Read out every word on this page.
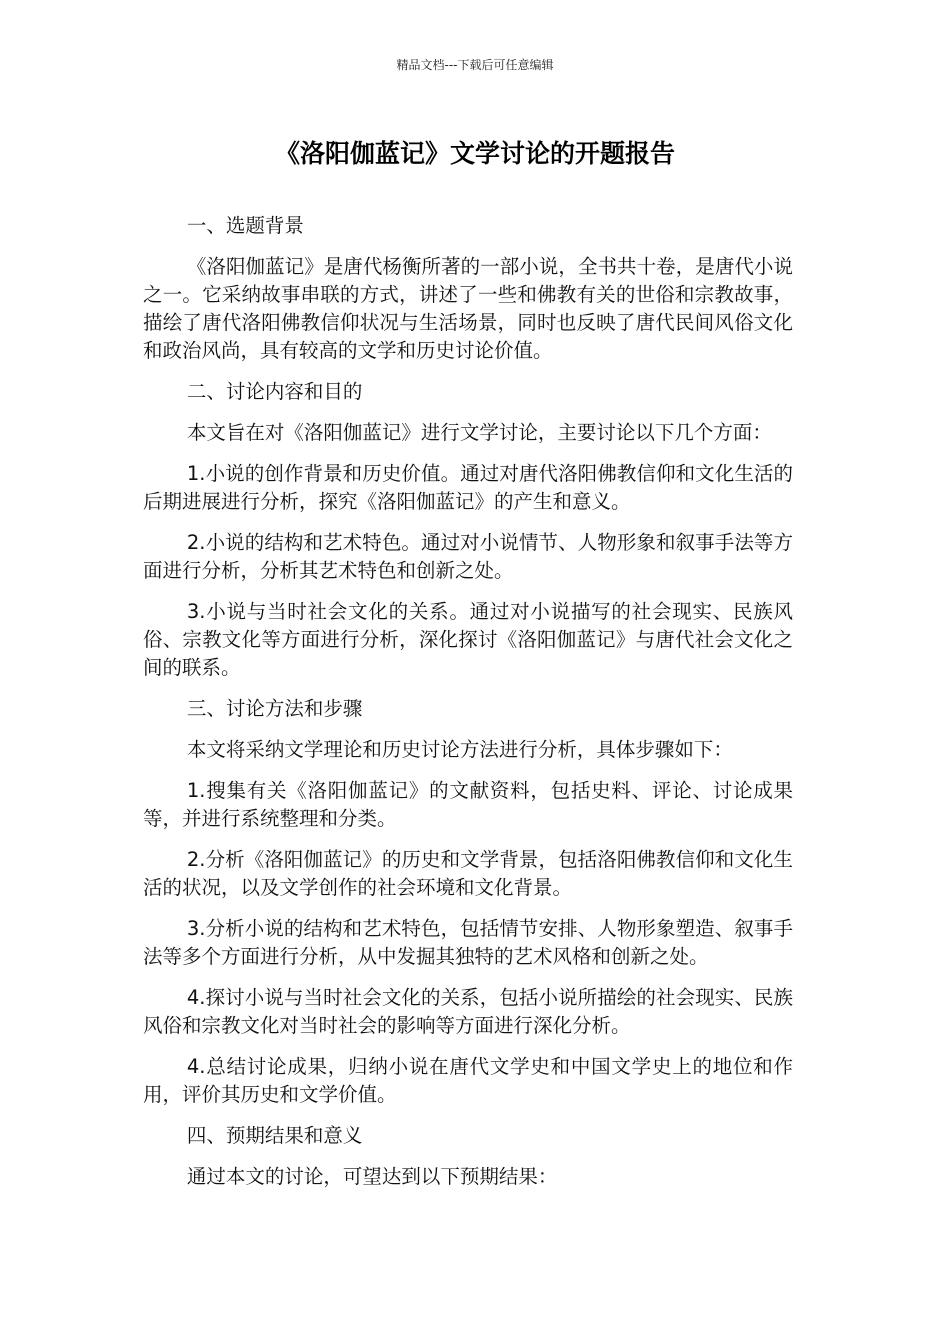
精品文档---下载后可任意编辑
《洛阳伽蓝记》文学讨论的开题报告

一、选题背景

《洛阳伽蓝记》是唐代杨衡所著的一部小说，全书共十卷，是唐代小说之一。它采纳故事串联的方式，讲述了一些和佛教有关的世俗和宗教故事，描绘了唐代洛阳佛教信仰状况与生活场景，同时也反映了唐代民间风俗文化和政治风尚，具有较高的文学和历史讨论价值。

二、讨论内容和目的

本文旨在对《洛阳伽蓝记》进行文学讨论，主要讨论以下几个方面：

1.小说的创作背景和历史价值。通过对唐代洛阳佛教信仰和文化生活的后期进展进行分析，探究《洛阳伽蓝记》的产生和意义。

2.小说的结构和艺术特色。通过对小说情节、人物形象和叙事手法等方面进行分析，分析其艺术特色和创新之处。

3.小说与当时社会文化的关系。通过对小说描写的社会现实、民族风俗、宗教文化等方面进行分析，深化探讨《洛阳伽蓝记》与唐代社会文化之间的联系。

三、讨论方法和步骤

本文将采纳文学理论和历史讨论方法进行分析，具体步骤如下：

1.搜集有关《洛阳伽蓝记》的文献资料，包括史料、评论、讨论成果等，并进行系统整理和分类。

2.分析《洛阳伽蓝记》的历史和文学背景，包括洛阳佛教信仰和文化生活的状况，以及文学创作的社会环境和文化背景。

3.分析小说的结构和艺术特色，包括情节安排、人物形象塑造、叙事手法等多个方面进行分析，从中发掘其独特的艺术风格和创新之处。

4.探讨小说与当时社会文化的关系，包括小说所描绘的社会现实、民族风俗和宗教文化对当时社会的影响等方面进行深化分析。

4.总结讨论成果，归纳小说在唐代文学史和中国文学史上的地位和作用，评价其历史和文学价值。

四、预期结果和意义

通过本文的讨论，可望达到以下预期结果：
